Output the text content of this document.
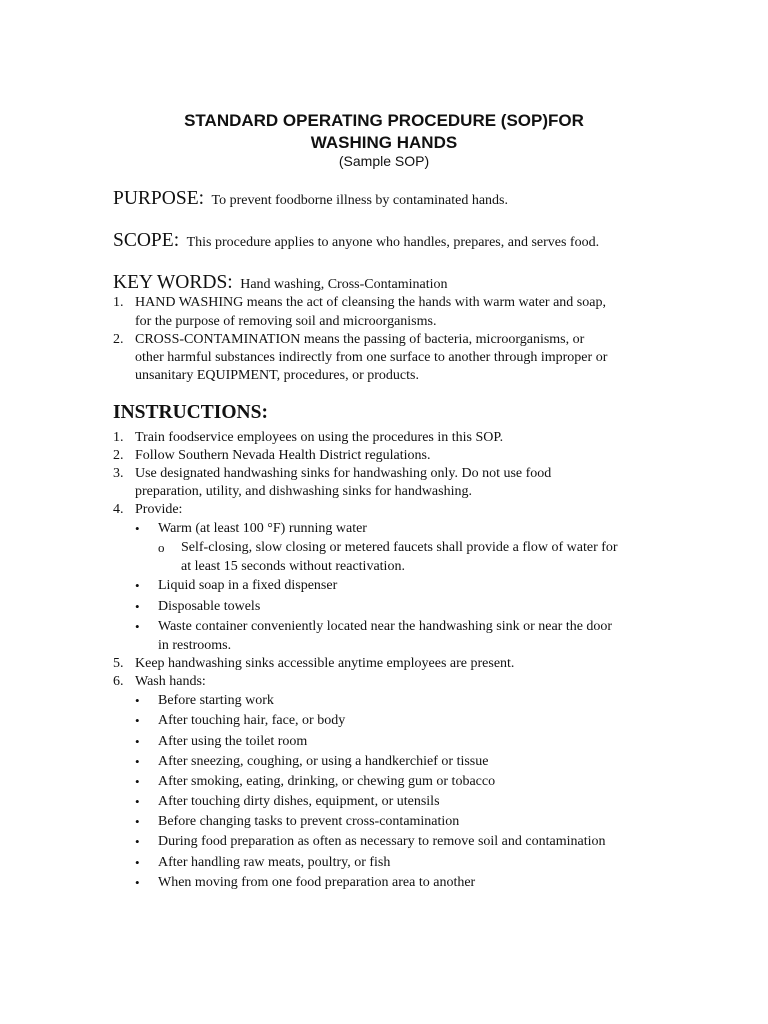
STANDARD OPERATING PROCEDURE (SOP)FOR
WASHING HANDS
(Sample SOP)
PURPOSE: To prevent foodborne illness by contaminated hands.
SCOPE: This procedure applies to anyone who handles, prepares, and serves food.
KEY WORDS: Hand washing, Cross-Contamination
1. HAND WASHING means the act of cleansing the hands with warm water and soap,
for the purpose of removing soil and microorganisms.
2. CROSS-CONTAMINATION means the passing of bacteria, microorganisms, or
other harmful substances indirectly from one surface to another through improper or
unsanitary EQUIPMENT, procedures, or products.
INSTRUCTIONS:
1. Train foodservice employees on using the procedures in this SOP.
2. Follow Southern Nevada Health District regulations.
3. Use designated handwashing sinks for handwashing only. Do not use food
preparation, utility, and dishwashing sinks for handwashing.
4. Provide:
• Warm (at least 100 °F) running water
o Self-closing, slow closing or metered faucets shall provide a flow of water for
at least 15 seconds without reactivation.
• Liquid soap in a fixed dispenser
• Disposable towels
• Waste container conveniently located near the handwashing sink or near the door
in restrooms.
5. Keep handwashing sinks accessible anytime employees are present.
6. Wash hands:
• Before starting work
• After touching hair, face, or body
• After using the toilet room
• After sneezing, coughing, or using a handkerchief or tissue
• After smoking, eating, drinking, or chewing gum or tobacco
• After touching dirty dishes, equipment, or utensils
• Before changing tasks to prevent cross-contamination
• During food preparation as often as necessary to remove soil and contamination
• After handling raw meats, poultry, or fish
• When moving from one food preparation area to another
